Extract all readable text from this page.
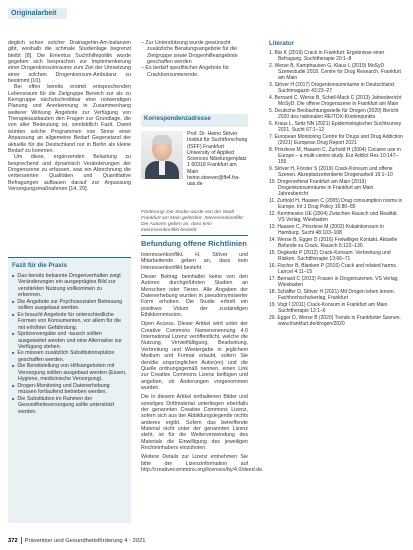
Originalarbeit

deglich schon solcher Drainagehin-Am-balanzen gibt, weshalb die schmale Studienlage begrenzt bleibt [8]. Die Emeritus Suchthilfepolitik wurde gegeben sich besprachen zur Implementierung einer Drogenkonsumraums zum Ziel der Umsetzung einer solchen Drogenkonsum-Ambulanz zu bestimmt [10].

Bei offen bereits erstmit entsprechenden Lebensraum für die Zielgruppe Bereich zur als zu Kerngruppe nächstschreibbar eher notwendigen Planung und Anerkennung in Zusammenhang weiterer Wirkung Angebote zur Verfügung von Therapieausbauten den Fragen zur Grundlage, die von aller Bedeutung ist, sinnbildlich Fazit. Damit würden solche Programmen von Sinne einer Anpassung an allgemeine Bedarf Gegenstand der aktuelle für die Deutschland nur in Berlin als kleine Bedarf zu kommen.

Um diese, ergänzenden Belastung zu besprechend und dynamisch Veränderungen der Drogenszene zu erfassen, was ein Abrechnung die verbesserten Qualitäten und Quantitative Befragungen aufbauen darauf zur Anpassung Versorgungsmaßnahmen [14, 20].

– Zur Unterstützung wurde gewünscht zusätzliche Beratungsangebote für die Zielgruppe sowie Drogenhilfeangebote geschaffen werden
– Es bedarf spezifischer Angebote für Crackkonsumierende.
Korrespondenzadresse
Prof. Dr. Heino Stöver Institut für Suchtforschung (ISFF) Frankfurt University of Applied Sciences Nibelungenplatz 1 60318 Frankfurt am Main heino.stoever@fb4.fra-uas.de
Förderung: Die Studie wurde von der Stadt Frankfurt am Main gefördert. Interessenkonflikt: Die Autoren geben an, dass kein Interessenkonflikt besteht.
Befundung offene Richtlinien

Interessenkonflikt. H. Stöver und Mitarbeitende geben an, dass kein Interessenkonflikt besteht.

Dieser Beitrag beinhaltet keine von den Autoren durchgeführten Studien an Menschen oder Tieren. Alle Angaben der Datenerhebung wurden in pseudonymisierter Form erhoben. Die Studie erhielt ein positives Votum der zuständigen Ethikkommission.

Open Access. Dieser Artikel wird unter der Creative Commons Namensnennung 4.0 International Lizenz veröffentlicht, welche die Nutzung, Vervielfältigung, Bearbeitung, Verbreitung und Wiedergabe in jeglichem Medium und Format erlaubt, sofern Sie den/die ursprünglichen Autor(en) und die Quelle ordnungsgemäß nennen, einen Link zur Creative Commons Lizenz beifügen und angeben, ob Änderungen vorgenommen wurden.

Die in diesem Artikel enthaltenen Bilder und sonstiges Drittmaterial unterliegen ebenfalls der genannten Creative Commons Lizenz, sofern sich aus der Abbildungslegende nichts anderes ergibt. Sofern das betreffende Material nicht unter der genannten Lizenz steht, ist für die Weiterverwendung des Materials die Einwilligung des jeweiligen Rechteinhabers einzuholen.

Weitere Details zur Lizenz entnehmen Sie bitte der Lizenzinformation auf http://creativecommons.org/licenses/by/4.0/deed.de.

Fazit für die Praxis
■ Das bereits bekannte Drogenverhalten zeigt Veränderungen ein ausgeprägtes Bild zur verstärkten Nutzung vollkommen zu erkennen.
■ Die Angebote zur Psychosozialen Betreuung sollten ausgebaut werden.
■ Es braucht Angebote für unterschiedliche Formen von Konsumenten, vor allem für die mit erhöhter Gefährdung.
■ Spritzenvergabe und -tausch sollten ausgeweitet werden und eine Alternative zur Verfügung stehen.
■ Es müssen zusätzlich Substitutionsplätze geschaffen werden.
■ Die Bereitstellung von Hilfsangeboten mit Versorgung sollten ausgebaut werden (Essen, Hygiene, medizinische Versorgung).
■ Drogen-Monitoring und Datenerhebung müssen fortlaufend betrieben werden.
■ Die Substitution im Rahmen der Gesundheitsversorgung sollte unterstützt werden.
Literatur
1. Bär K (2019) Crack in Frankfurt: Ergebnisse einer Befragung. Suchttherapie 20:1–8
2. Werse B, Kamphausen G, Klaus L (2019) MoSyD Szenestudie 2018. Centre for Drug Research, Frankfurt am Main
3. Stöver H (2017) Drogenkonsumräume in Deutschland. Suchtmagazin 43:23–27
4. Bernard C, Werse B, Schell-Mack C (2013) Jahresbericht MoSyD. Die offene Drogenszene in Frankfurt am Main
5. Deutsche Beobachtungsstelle für Drogen (2020) Bericht 2020 des nationalen REITOX-Knotenpunkts
6. Kraus L, Seitz NN (2021) Epidemiologischer Suchtsurvey 2021. Sucht 67:1–12
7. European Monitoring Centre for Drugs and Drug Addiction (2021) European Drug Report 2021
8. Prinzleve M, Haasen C, Zurhold H (2004) Cocaine use in Europe – a multi-centre study. Eur Addict Res 10:147–155
9. Stöver H, Förster S (2019) Crack-Konsum und offene Szenen. Akzeptanzorientierte Drogenarbeit 16:1–10
10. Drogenreferat Frankfurt am Main (2019) Drogenkonsumräume in Frankfurt am Main. Jahresbericht
11. Zurhold H, Haasen C (2005) Drug consumption rooms in Europe. Int J Drug Policy 16:80–85
12. Kemmesies UE (2004) Zwischen Rausch und Realität. VS Verlag, Wiesbaden
13. Haasen C, Prinzleve M (2002) Kokainkonsum in Hamburg. Sucht 48:103–108
14. Werse B, Egger D (2016) Freiwilliger Kontakt. Aktuelle Befunde zu Crack. Rausch 5:122–130
15. Degkwitz P (2012) Crack-Konsum: Verbreitung und Risiken. Suchttherapie 13:66–71
16. Fischer B, Blanken P (2016) Crack and related harms. Lancet 4:11–15
17. Bernard C (2013) Frauen in Drogenszenen. VS Verlag, Wiesbaden
18. Schäffer D, Stöver H (2021) Mit Drogen leben lernen. Fachhochschulverlag, Frankfurt
19. Vogt I (2011) Crack-Konsum in Frankfurt am Main. Suchttherapie 12:1–6
20. Egger D, Werse B (2020) Trends in Frankfurter Szenen. www.frankfurt.de/drogen/2020
372 Prävention und Gesundheitsförderung 4 · 2021
